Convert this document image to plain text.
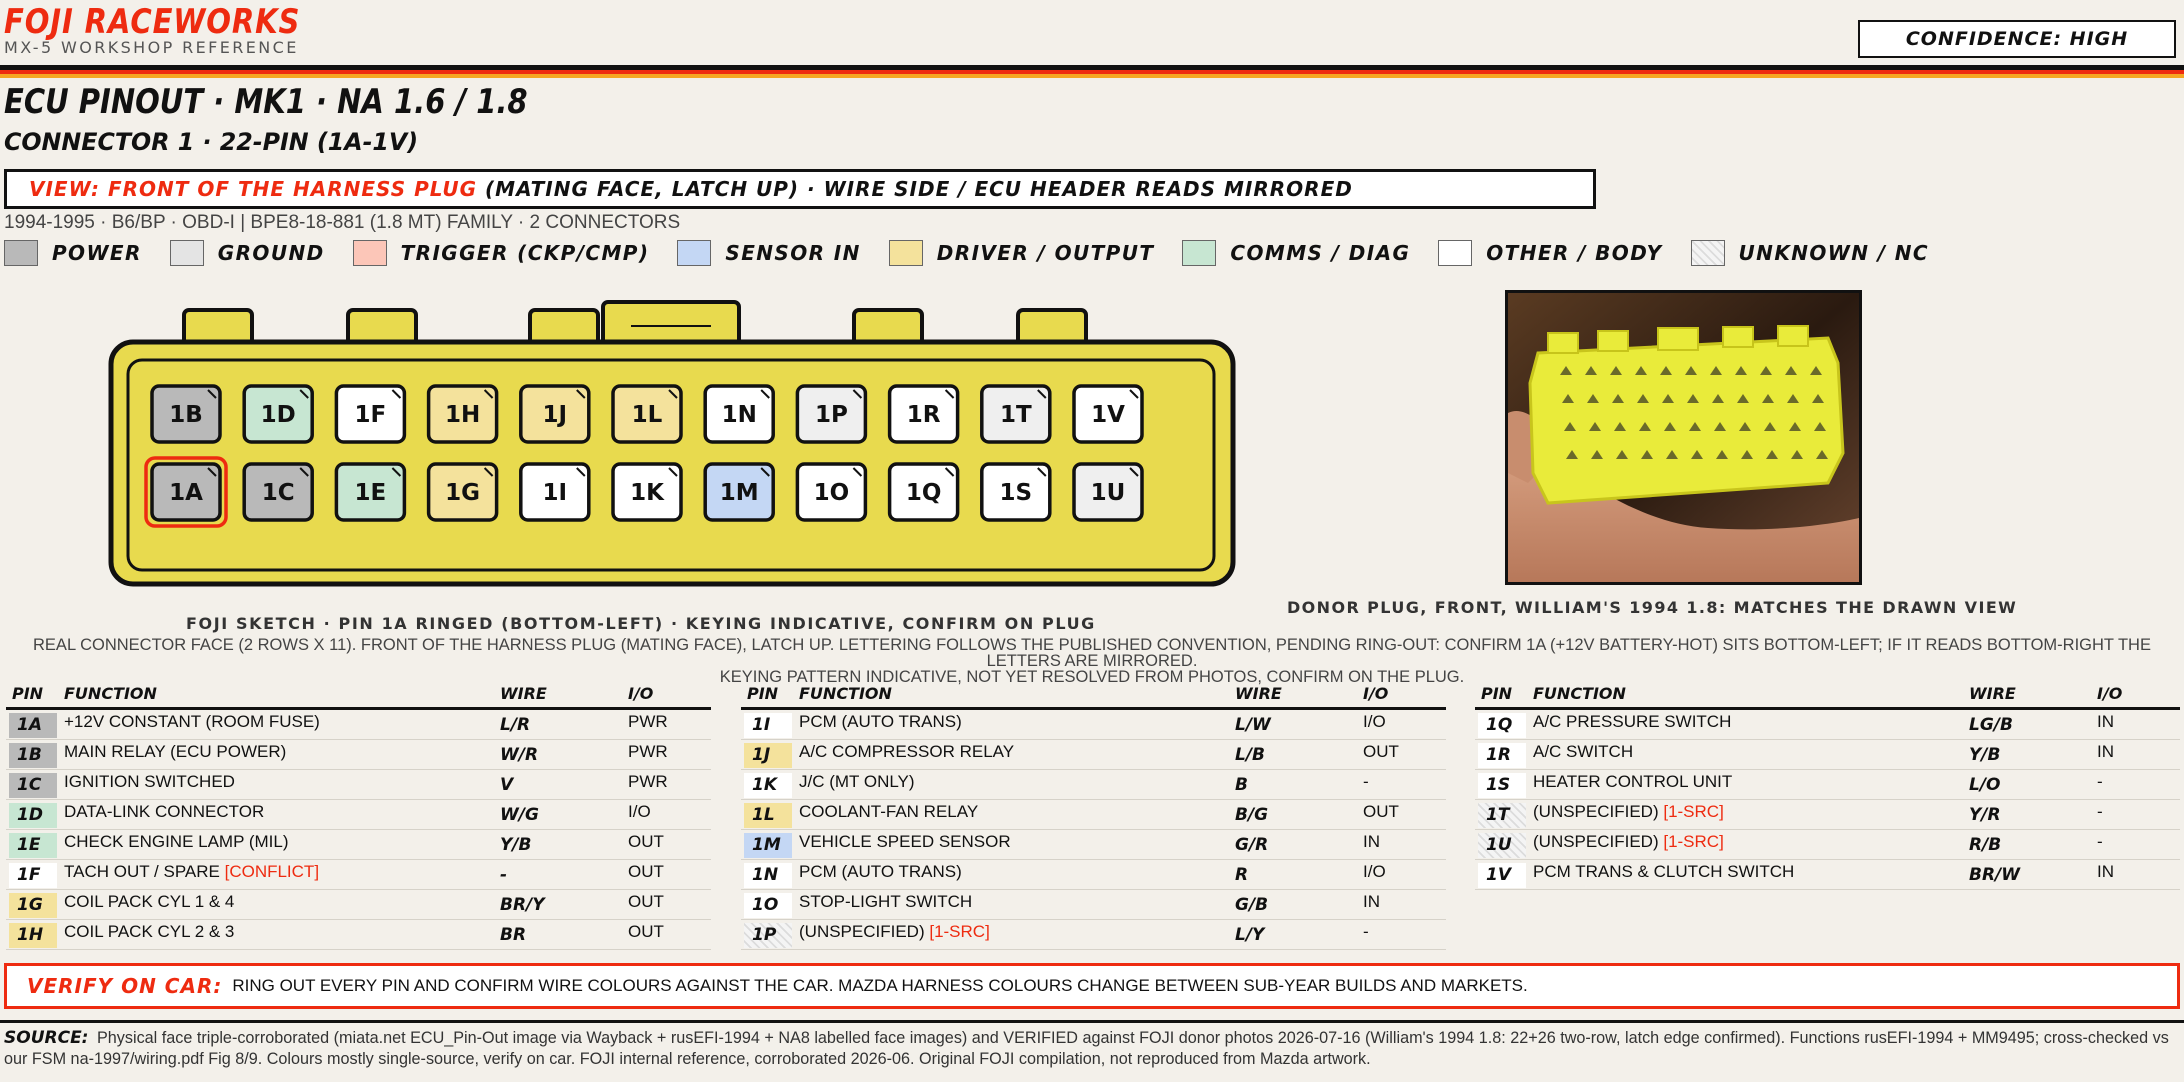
FOJI RACEWORKS
MX-5 WORKSHOP REFERENCE	CONFIDENCE: HIGH
ECU PINOUT · MK1 · NA 1.6 / 1.8
CONNECTOR 1 · 22-PIN (1A-1V)
VIEW: FRONT OF THE HARNESS PLUG (MATING FACE, LATCH UP) · WIRE SIDE / ECU HEADER READS MIRRORED
1994-1995 · B6/BP · OBD-I | BPE8-18-881 (1.8 MT) FAMILY · 2 CONNECTORS
POWER	GROUND	TRIGGER (CKP/CMP)	SENSOR IN	DRIVER / OUTPUT	COMMS / DIAG	OTHER / BODY	UNKNOWN / NC
1B	1D	1F	1H	1J	1L	1N	1P	1R	1T	1V
1A	1C	1E	1G	1I	1K 1M 1O 1Q	1S	1U
FOJI SKETCH · PIN 1A RINGED (BOTTOM-LEFT) · KEYING INDICATIVE, CONFIRM ON PLUG
DONOR PLUG, FRONT, WILLIAM'S 1994 1.8: MATCHES THE DRAWN VIEW
REAL CONNECTOR FACE (2 ROWS X 11). FRONT OF THE HARNESS PLUG (MATING FACE), LATCH UP. LETTERING FOLLOWS THE PUBLISHED CONVENTION, PENDING RING-OUT: CONFIRM 1A (+12V BATTERY-HOT) SITS BOTTOM-LEFT; IF IT READS BOTTOM-RIGHT THE LETTERS ARE MIRRORED.
KEYING PATTERN INDICATIVE, NOT YET RESOLVED FROM PHOTOS, CONFIRM ON THE PLUG.
PIN FUNCTION	WIRE	I/O
1A	+12V CONSTANT (ROOM FUSE)	L/R	PWR
1B	MAIN RELAY (ECU POWER)	W/R	PWR
1C	IGNITION SWITCHED	V	PWR
1D	DATA-LINK CONNECTOR	W/G	I/O
1E	CHECK ENGINE LAMP (MIL)	Y/B	OUT
1F	TACH OUT / SPARE [CONFLICT]	-	OUT
1G	COIL PACK CYL 1 & 4	BR/Y	OUT
1H	COIL PACK CYL 2 & 3	BR	OUT
PIN FUNCTION	WIRE	I/O
1I	PCM (AUTO TRANS)	L/W	I/O
1J	A/C COMPRESSOR RELAY	L/B	OUT
1K	J/C (MT ONLY)	B	-
1L	COOLANT-FAN RELAY	B/G	OUT
1M	VEHICLE SPEED SENSOR	G/R	IN
1N	PCM (AUTO TRANS)	R	I/O
1O	STOP-LIGHT SWITCH	G/B	IN
1P	(UNSPECIFIED) [1-SRC]	L/Y	-
PIN FUNCTION	WIRE	I/O
1Q	A/C PRESSURE SWITCH	LG/B	IN
1R	A/C SWITCH	Y/B	IN
1S	HEATER CONTROL UNIT	L/O	-
1T	(UNSPECIFIED) [1-SRC]	Y/R	-
1U	(UNSPECIFIED) [1-SRC]	R/B	-
1V	PCM TRANS & CLUTCH SWITCH	BR/W	IN
VERIFY ON CAR: RING OUT EVERY PIN AND CONFIRM WIRE COLOURS AGAINST THE CAR. MAZDA HARNESS COLOURS CHANGE BETWEEN SUB-YEAR BUILDS AND MARKETS.
SOURCE: Physical face triple-corroborated (miata.net ECU_Pin-Out image via Wayback + rusEFI-1994 + NA8 labelled face images) and VERIFIED against FOJI donor photos 2026-07-16 (William's 1994 1.8: 22+26 two-row, latch edge confirmed). Functions rusEFI-1994 + MM9495; cross-checked vs our FSM na-1997/wiring.pdf Fig 8/9. Colours mostly single-source, verify on car. FOJI internal reference, corroborated 2026-06. Original FOJI compilation, not reproduced from Mazda artwork.
